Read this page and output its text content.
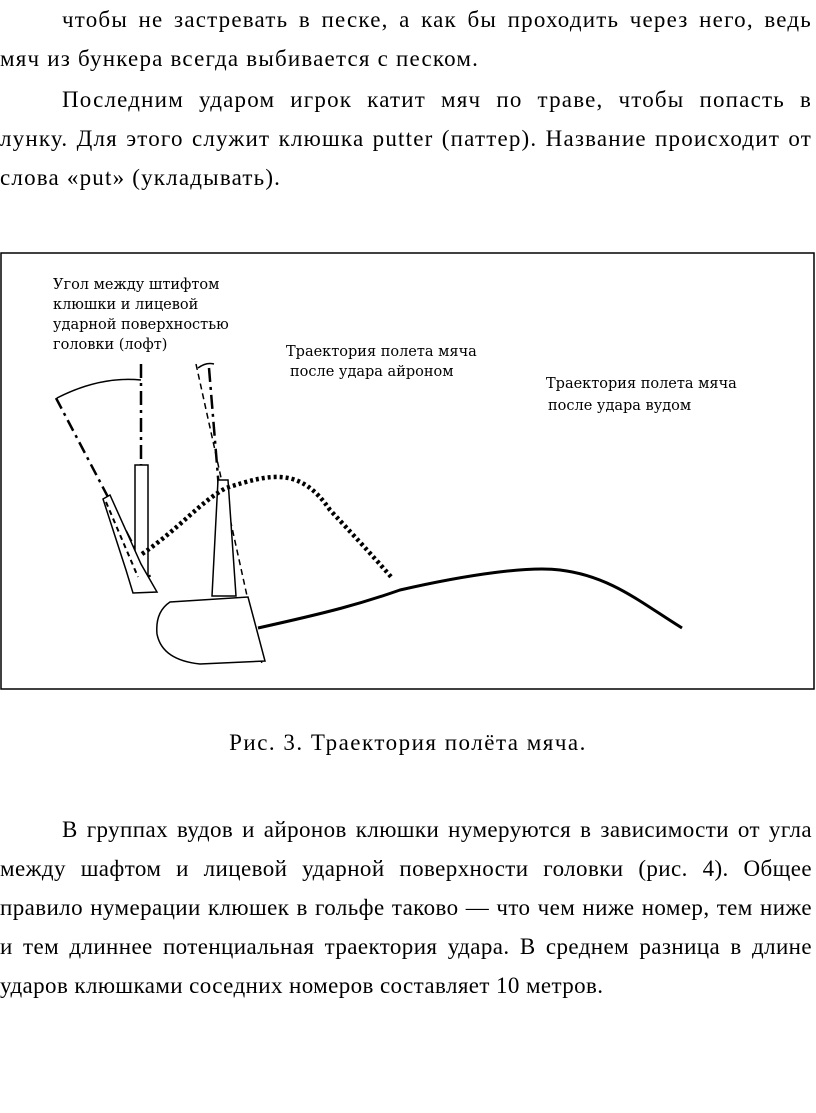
чтобы не застревать в песке, а как бы проходить через него, ведь мяч из бункера всегда выбивается с песком.

Последним ударом игрок катит мяч по траве, чтобы попасть в лунку. Для этого служит клюшка putter (паттер). Название происходит от слова «put» (укладывать).

Угол между штифтом
клюшки и лицевой
ударной поверхностью
головки (лофт)	Траектория полета мяча
после удара айроном
Траектория полета мяча
после удара вудом
Рис. 3. Траектория полёта мяча.

В группах вудов и айронов клюшки нумеруются в зависимости от угла между шафтом и лицевой ударной поверхности головки (рис. 4). Общее правило нумерации клюшек в гольфе таково — что чем ниже номер, тем ниже и тем длиннее потенциальная траектория удара. В среднем разница в длине ударов клюшками соседних номеров составляет 10 метров.
